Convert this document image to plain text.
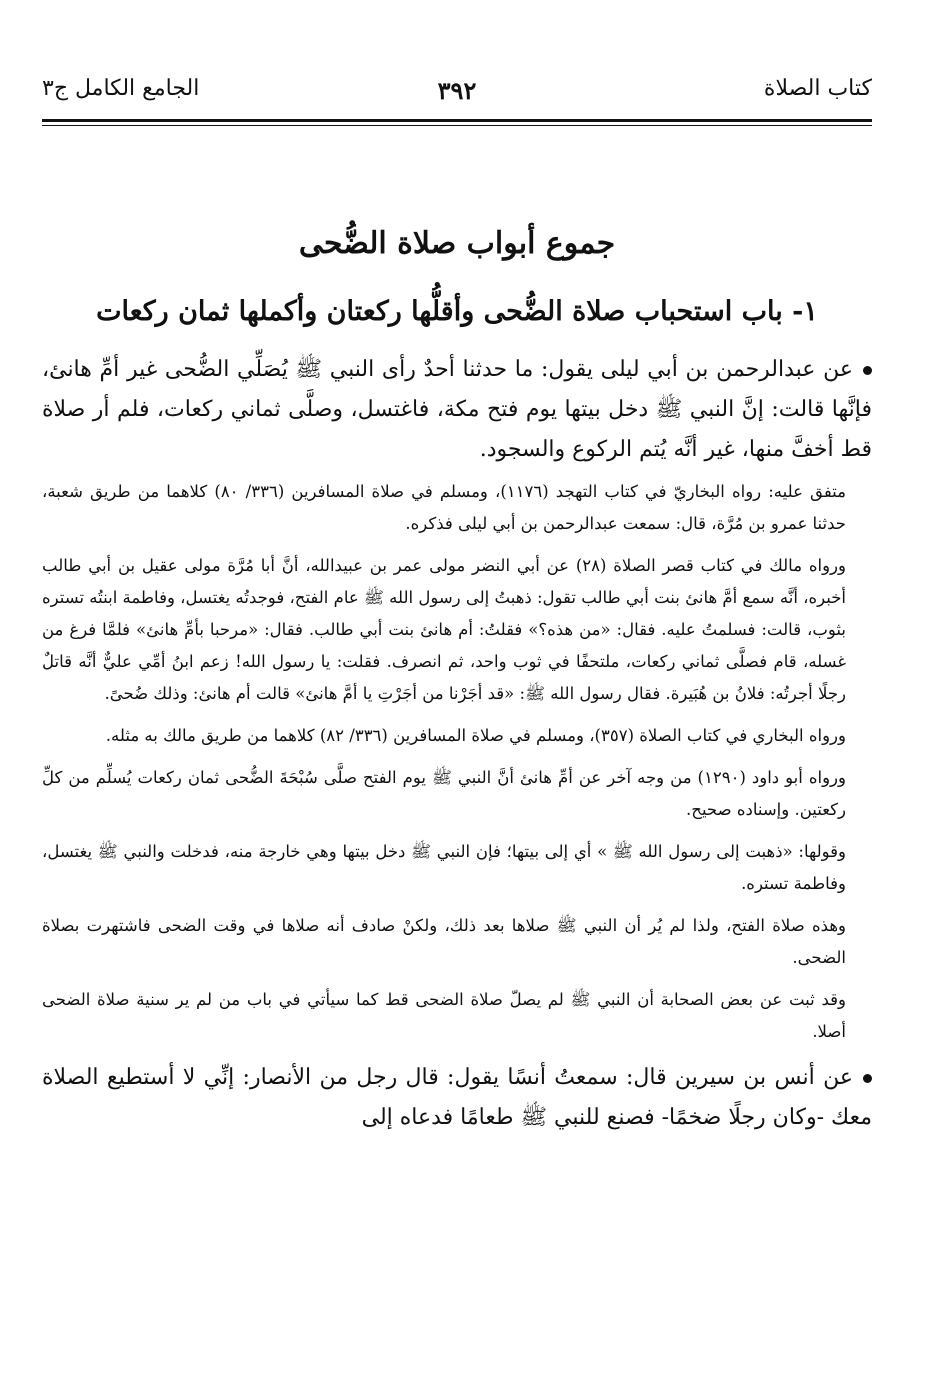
كتاب الصلاة
٣٩٢
الجامع الكامل ج٣
جموع أبواب صلاة الضُّحى
١- باب استحباب صلاة الضُّحى وأقلُّها ركعتان وأكملها ثمان ركعات

عن عبدالرحمن بن أبي ليلى يقول: ما حدثنا أحدٌ رأى النبي ﷺ يُصَلِّي الضُّحى غير أمِّ هانئ، فإنَّها قالت: إنَّ النبي ﷺ دخل بيتها يوم فتح مكة، فاغتسل، وصلَّى ثماني ركعات، فلم أر صلاة قط أخفَّ منها، غير أنَّه يُتم الركوع والسجود.

متفق عليه: رواه البخاريّ في كتاب التهجد (١١٧٦)، ومسلم في صلاة المسافرين (٣٣٦/ ٨٠) كلاهما من طريق شعبة، حدثنا عمرو بن مُرَّة، قال: سمعت عبدالرحمن بن أبي ليلى فذكره.

ورواه مالك في كتاب قصر الصلاة (٢٨) عن أبي النضر مولى عمر بن عبيدالله، أنَّ أبا مُرَّة مولى عقيل بن أبي طالب أخبره، أنَّه سمع أمَّ هانئ بنت أبي طالب تقول: ذهبتُ إلى رسول الله ﷺ عام الفتح، فوجدتُه يغتسل، وفاطمة ابنتُه تستره بثوب، قالت: فسلمتُ عليه. فقال: «من هذه؟» فقلتُ: أم هانئ بنت أبي طالب. فقال: «مرحبا بأمِّ هانئ» فلمَّا فرغ من غسله، قام فصلَّى ثماني ركعات، ملتحفًا في ثوب واحد، ثم انصرف. فقلت: يا رسول الله! زعم ابنُ أمِّي عليٌّ أنَّه قاتلٌ رجلًا أجرتُه: فلانُ بن هُبَيرة. فقال رسول الله ﷺ: «قد أجَرْنا من أجَرْتِ يا أمَّ هانئ» قالت أم هانئ: وذلك ضُحىً.

ورواه البخاري في كتاب الصلاة (٣٥٧)، ومسلم في صلاة المسافرين (٣٣٦/ ٨٢) كلاهما من طريق مالك به مثله.

ورواه أبو داود (١٢٩٠) من وجه آخر عن أمِّ هانئ أنَّ النبي ﷺ يوم الفتح صلَّى سُبْحَةَ الضُّحى ثمان ركعات يُسلِّم من كلِّ ركعتين. وإسناده صحيح.

وقولها: «ذهبت إلى رسول الله ﷺ » أي إلى بيتها؛ فإن النبي ﷺ دخل بيتها وهي خارجة منه، فدخلت والنبي ﷺ يغتسل، وفاطمة تستره.

وهذه صلاة الفتح، ولذا لم يُر أن النبي ﷺ صلاها بعد ذلك، ولكنْ صادف أنه صلاها في وقت الضحى فاشتهرت بصلاة الضحى.

وقد ثبت عن بعض الصحابة أن النبي ﷺ لم يصلّ صلاة الضحى قط كما سيأتي في باب من لم ير سنية صلاة الضحى أصلا.

عن أنس بن سيرين قال: سمعتُ أنسًا يقول: قال رجل من الأنصار: إنِّي لا أستطيع الصلاة معك -وكان رجلًا ضخمًا- فصنع للنبي ﷺ طعامًا فدعاه إلى
